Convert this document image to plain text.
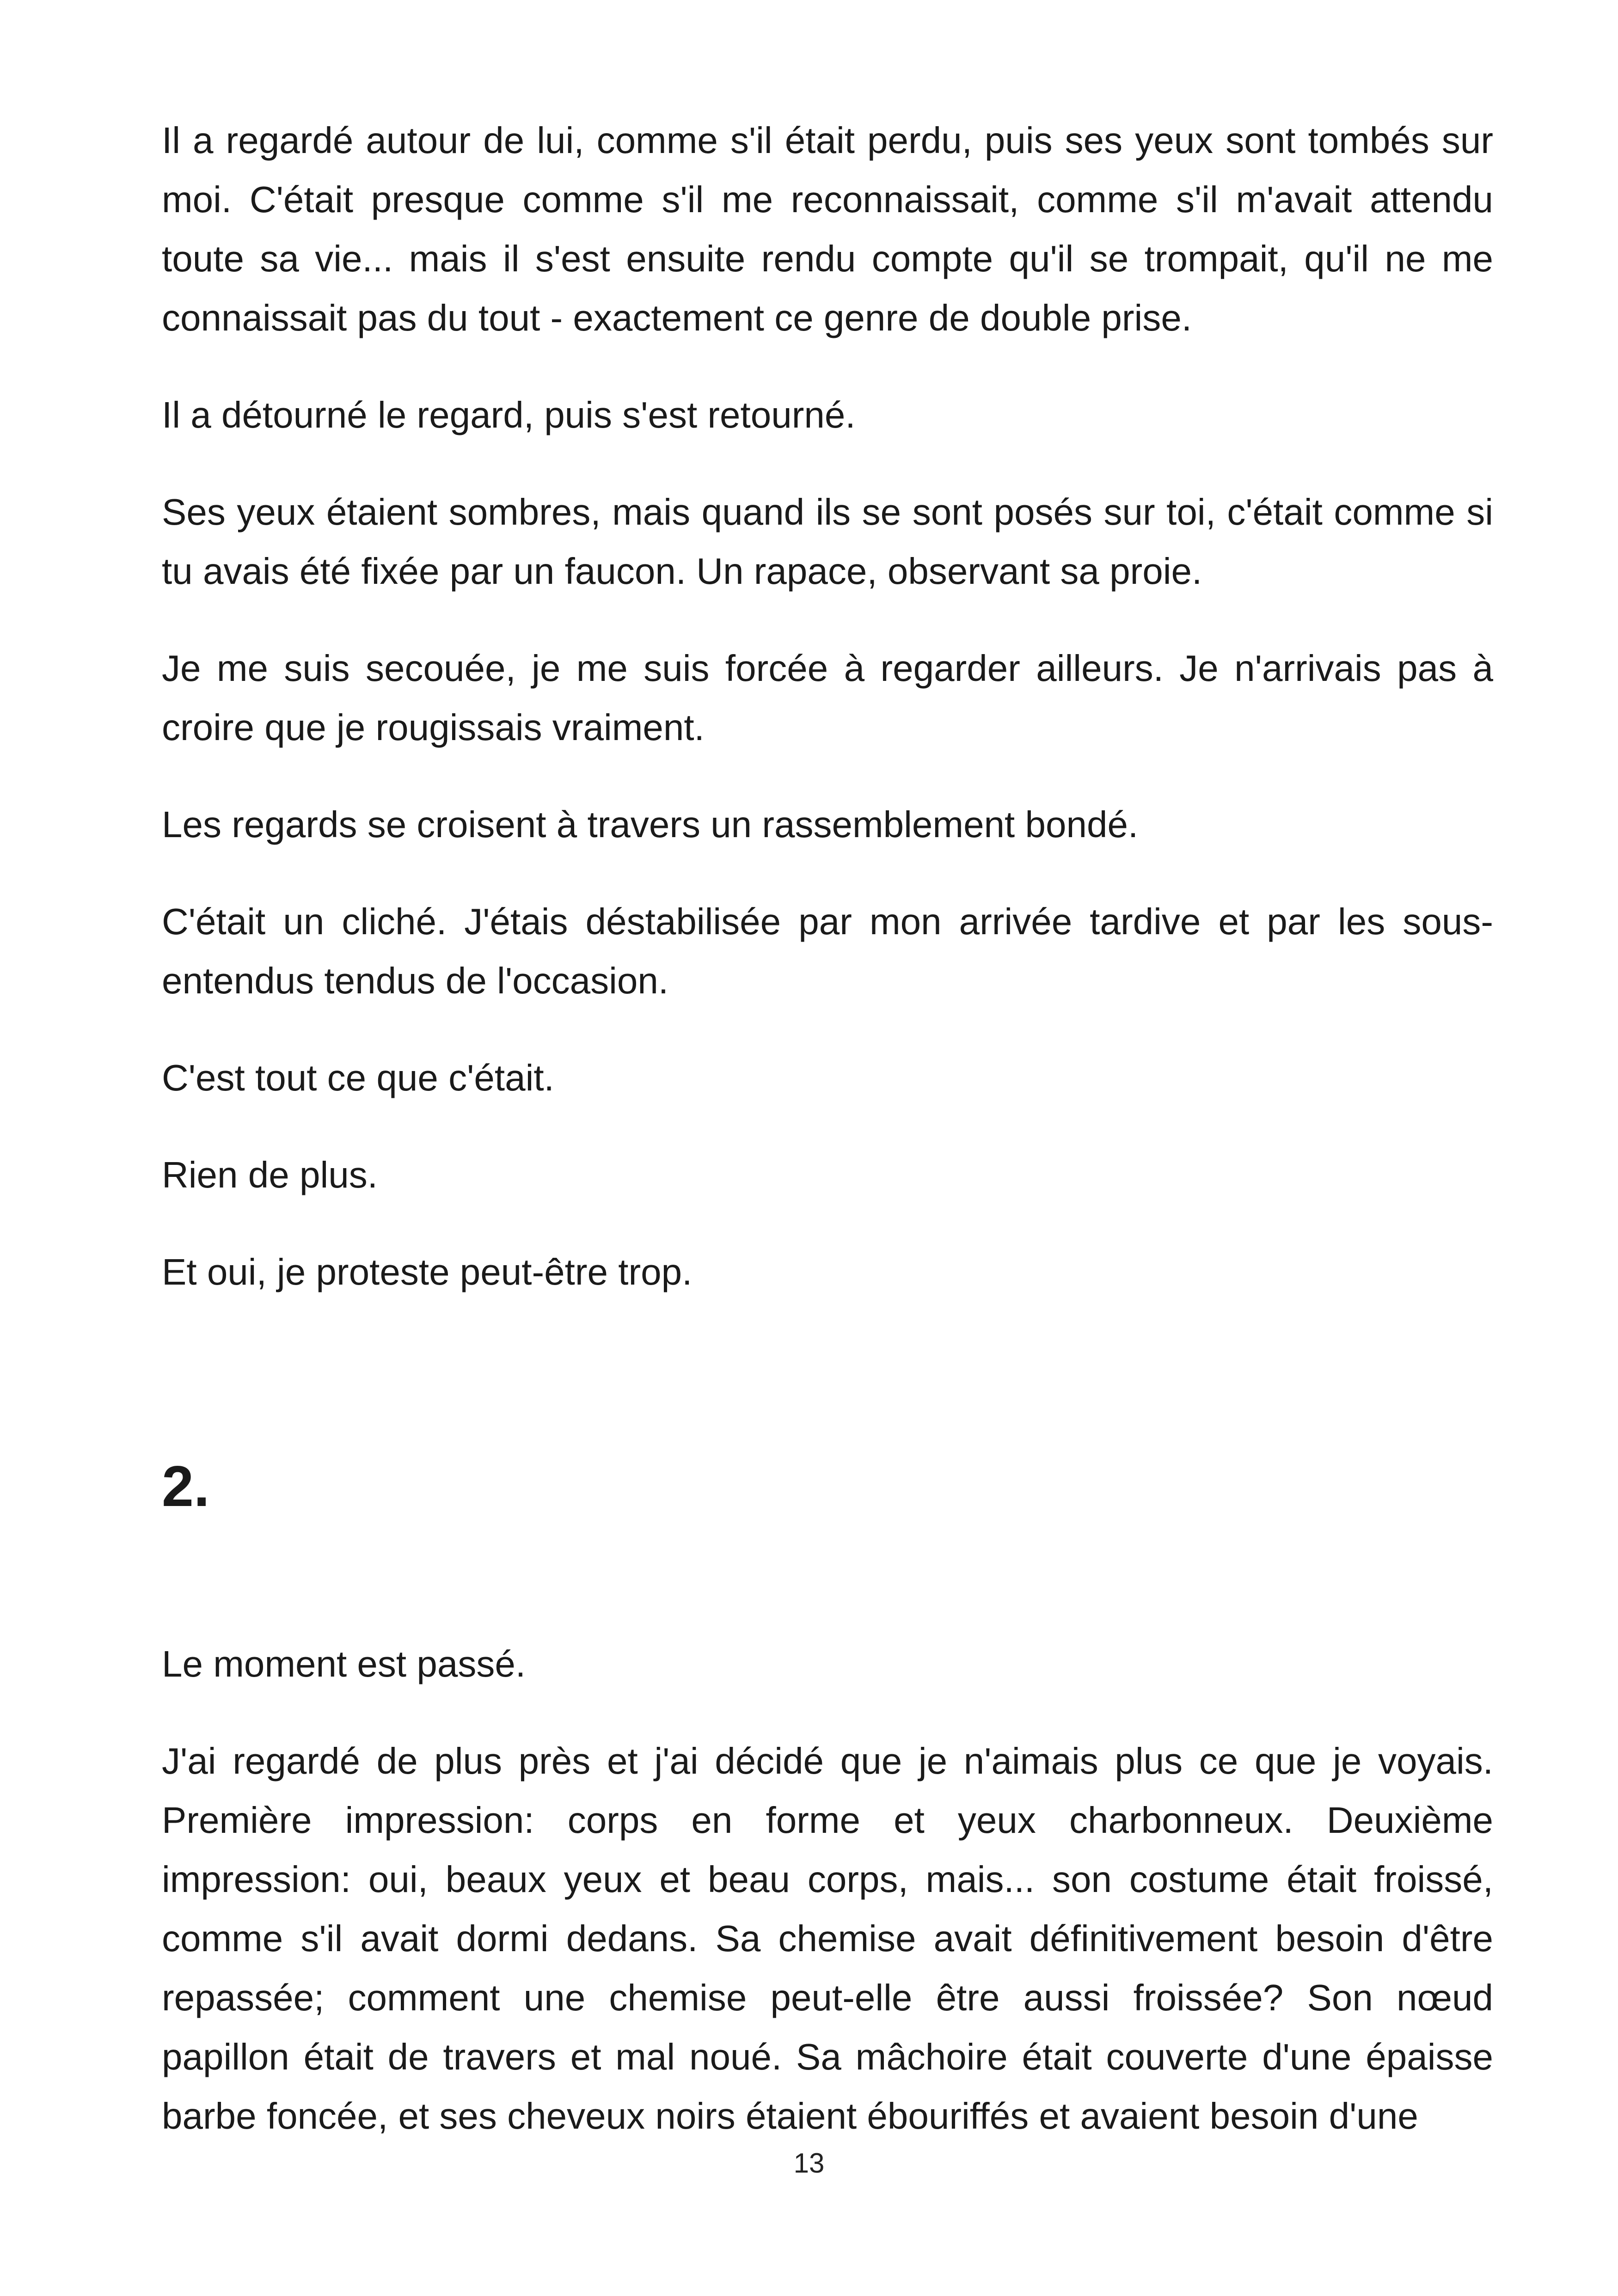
Il a regardé autour de lui, comme s'il était perdu, puis ses yeux sont tombés sur moi. C'était presque comme s'il me reconnaissait, comme s'il m'avait attendu toute sa vie... mais il s'est ensuite rendu compte qu'il se trompait, qu'il ne me connaissait pas du tout - exactement ce genre de double prise.

Il a détourné le regard, puis s'est retourné.

Ses yeux étaient sombres, mais quand ils se sont posés sur toi, c'était comme si tu avais été fixée par un faucon. Un rapace, observant sa proie.

Je me suis secouée, je me suis forcée à regarder ailleurs. Je n'arrivais pas à croire que je rougissais vraiment.

Les regards se croisent à travers un rassemblement bondé.

C'était un cliché. J'étais déstabilisée par mon arrivée tardive et par les sous-entendus tendus de l'occasion.

C'est tout ce que c'était.

Rien de plus.

Et oui, je proteste peut-être trop.

2.

Le moment est passé.

J'ai regardé de plus près et j'ai décidé que je n'aimais plus ce que je voyais. Première impression: corps en forme et yeux charbonneux. Deuxième impression: oui, beaux yeux et beau corps, mais... son costume était froissé, comme s'il avait dormi dedans. Sa chemise avait définitivement besoin d'être repassée; comment une chemise peut-elle être aussi froissée? Son nœud papillon était de travers et mal noué. Sa mâchoire était couverte d'une épaisse barbe foncée, et ses cheveux noirs étaient ébouriffés et avaient besoin d'une

13
